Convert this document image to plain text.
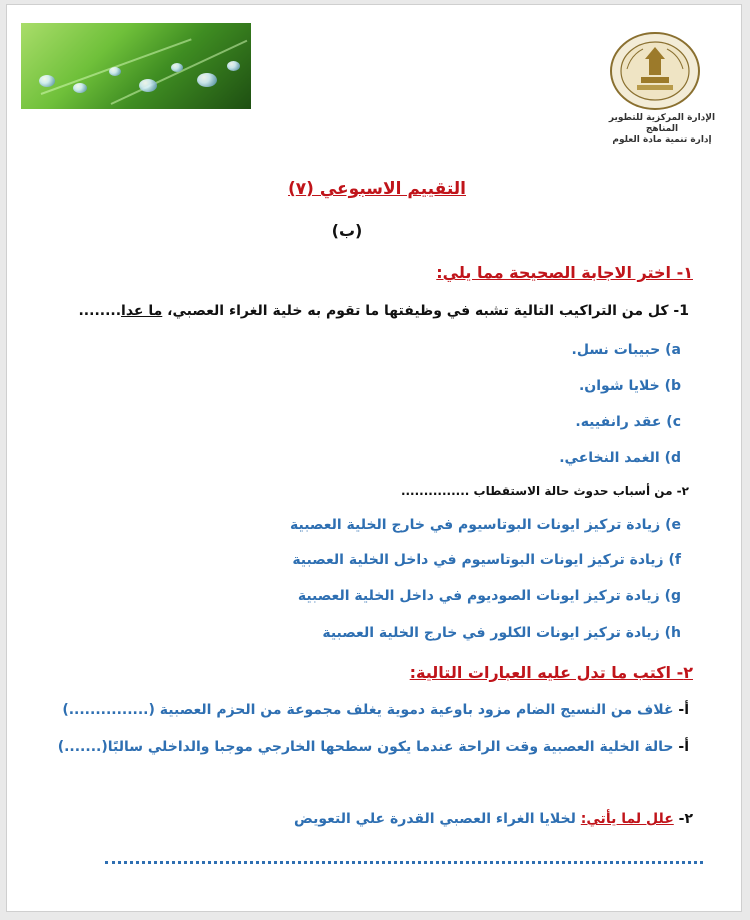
الإدارة المركزية للتطوير المناهج
إدارة تنمية مادة العلوم
التقييم الاسبوعي (٧)
(ب)
١- اختر الاجابة الصحيحة مما يلي:
1- كل من التراكيب التالية تشبه في وظيفتها ما تقوم به خلية الغراء العصبي، ما عدا........
a) حبيبات نسل.
b) خلايا شوان.
c) عقد رانفييه.
d) الغمد النخاعي.
٢- من أسباب حدوث حالة الاستقطاب ...............
e) زيادة تركيز ايونات البوتاسيوم في خارج الخلية العصبية
f) زيادة تركيز ايونات البوتاسيوم في داخل الخلية العصبية
g) زيادة تركيز ايونات الصوديوم في داخل الخلية العصبية
h) زيادة تركيز ايونات الكلور في خارج الخلية العصبية
٢- اكتب ما تدل عليه العبارات التالية:
أ- غلاف من النسيج الضام مزود باوعية دموية يغلف مجموعة من الحزم العصبية (...............)
أ- حالة الخلية العصبية وقت الراحة عندما يكون سطحها الخارجي موجبا والداخلي سالبًا(.......)
٢- علل لما يأتي: لخلايا الغراء العصبي القدرة علي التعويض
